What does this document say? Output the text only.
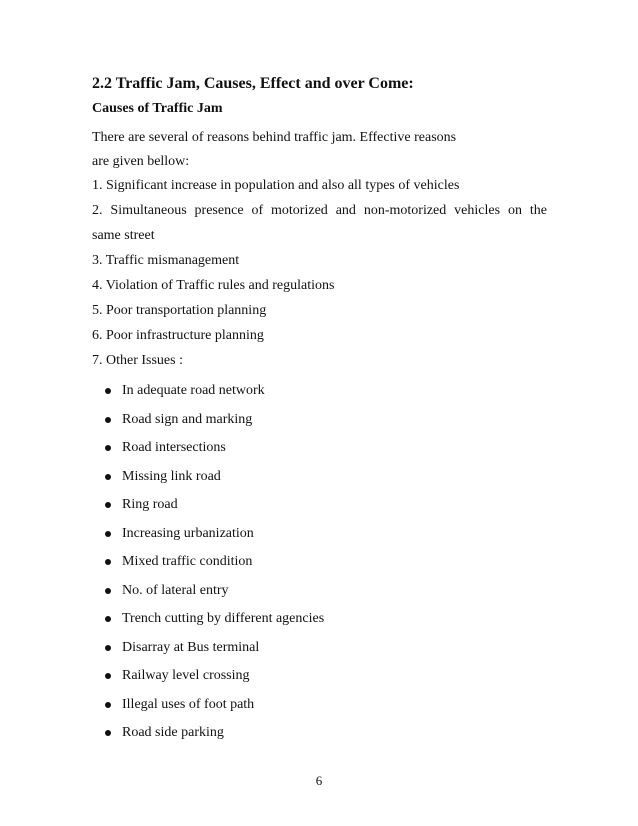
2.2 Traffic Jam, Causes, Effect and over Come:
Causes of Traffic Jam
There are several of reasons behind traffic jam. Effective reasons
are given bellow:
1. Significant increase in population and also all types of vehicles
2. Simultaneous presence of motorized and non-motorized vehicles on the
same street
3. Traffic mismanagement
4. Violation of Traffic rules and regulations
5. Poor transportation planning
6. Poor infrastructure planning
7. Other Issues :
In adequate road network
Road sign and marking
Road intersections
Missing link road
Ring road
Increasing urbanization
Mixed traffic condition
No. of lateral entry
Trench cutting by different agencies
Disarray at Bus terminal
Railway level crossing
Illegal uses of foot path
Road side parking
6
